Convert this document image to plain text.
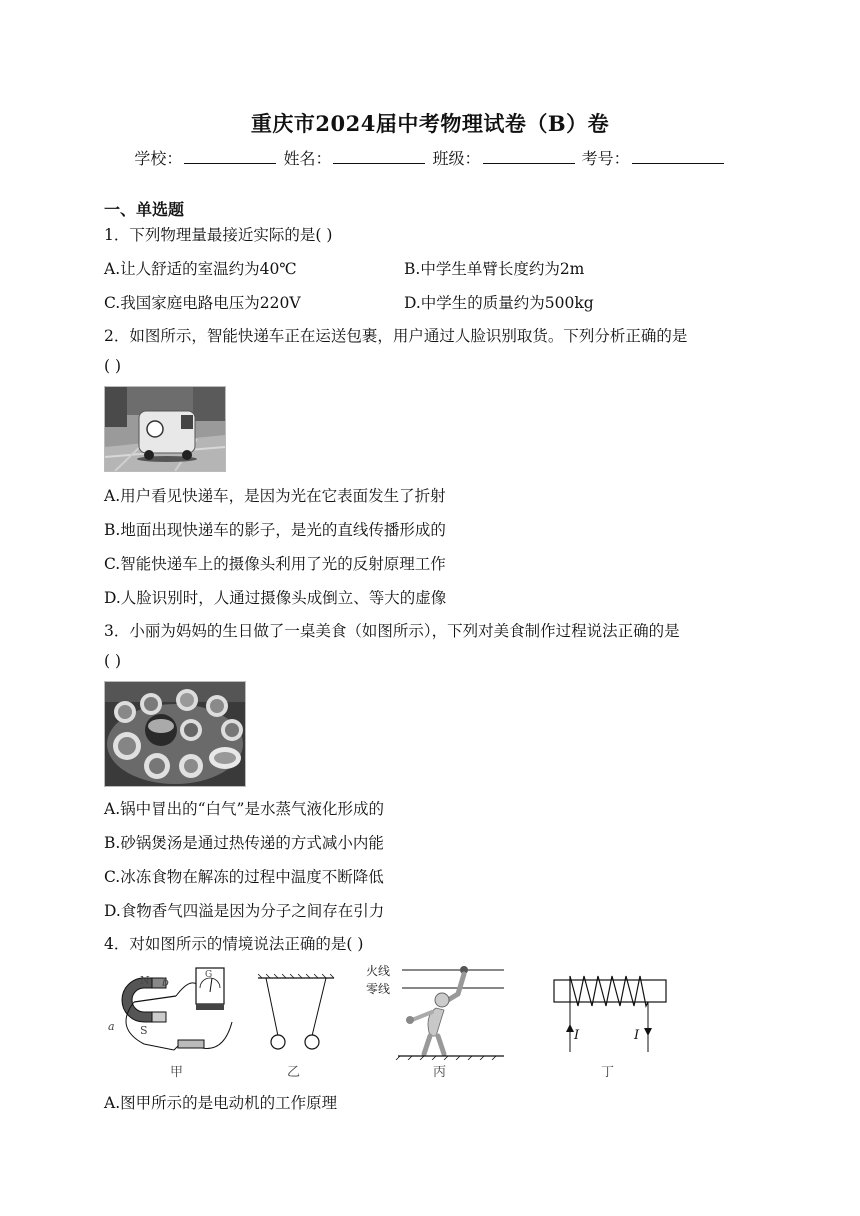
重庆市2024届中考物理试卷（B）卷
学校：	姓名：	班级：	考号：
一、单选题
1．下列物理量最接近实际的是( )
A.让人舒适的室温约为40℃	B.中学生单臂长度约为2m
C.我国家庭电路电压为220V	D.中学生的质量约为500kg
2．如图所示，智能快递车正在运送包裹，用户通过人脸识别取货。下列分析正确的是
( )
A.用户看见快递车，是因为光在它表面发生了折射
B.地面出现快递车的影子，是光的直线传播形成的
C.智能快递车上的摄像头利用了光的反射原理工作
D.人脸识别时，人通过摄像头成倒立、等大的虚像
3．小丽为妈妈的生日做了一桌美食（如图所示），下列对美食制作过程说法正确的是
( )
A.锅中冒出的“白气”是水蒸气液化形成的
B.砂锅煲汤是通过热传递的方式减小内能
C.冰冻食物在解冻的过程中温度不断降低
D.食物香气四溢是因为分子之间存在引力
4．对如图所示的情境说法正确的是( )
N
S
a
b
G
甲	乙
火线
零线
丙
I	I
丁
A.图甲所示的是电动机的工作原理
